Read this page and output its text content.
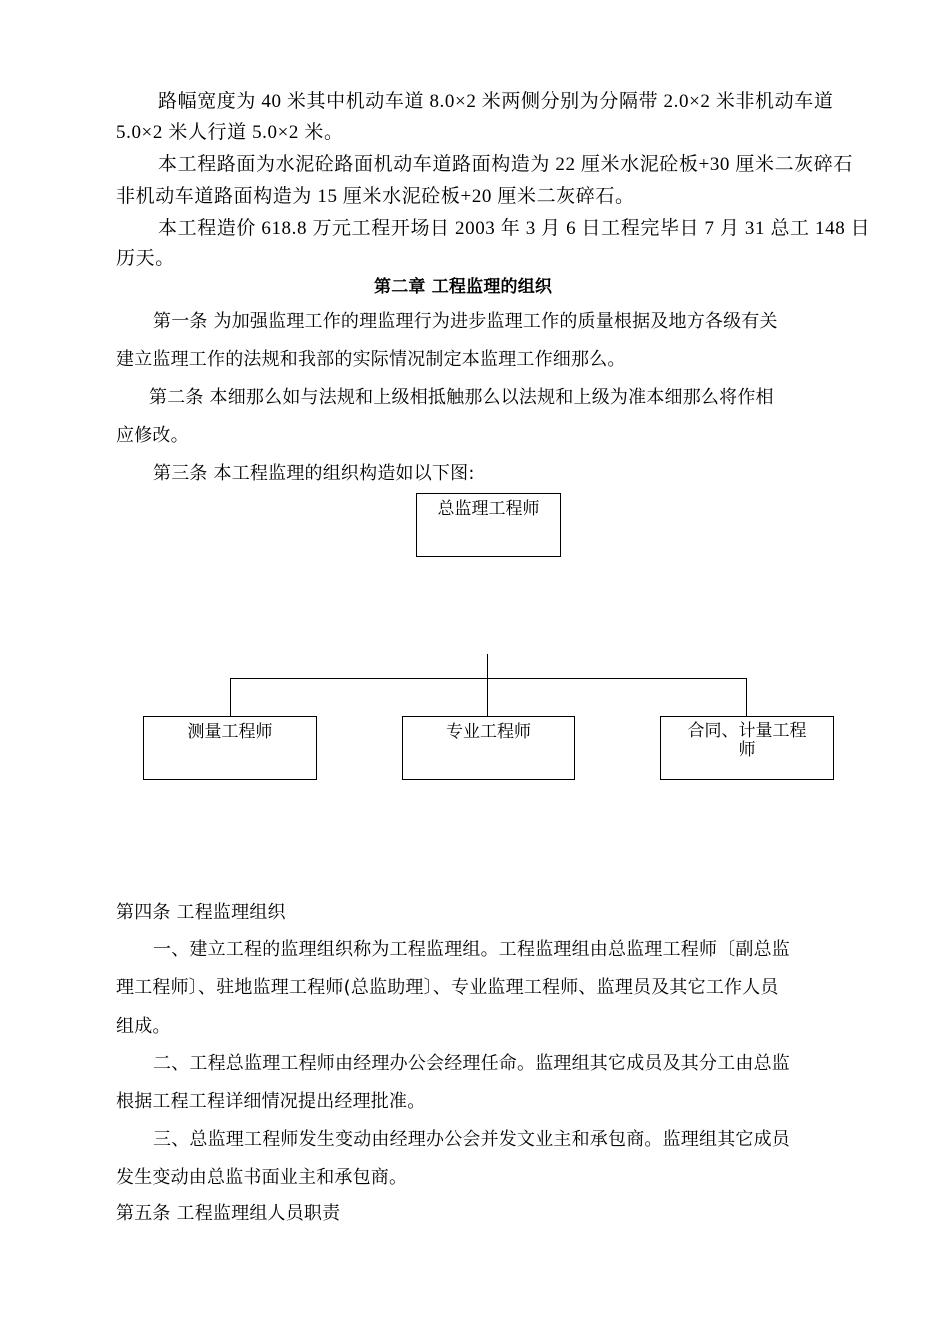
路幅宽度为 40 米其中机动车道 8.0×2 米两侧分别为分隔带 2.0×2 米非机动车道

5.0×2 米人行道 5.0×2 米。

本工程路面为水泥砼路面机动车道路面构造为 22 厘米水泥砼板+30 厘米二灰碎石

非机动车道路面构造为 15 厘米水泥砼板+20 厘米二灰碎石。

本工程造价 618.8 万元工程开场日 2003 年 3 月 6 日工程完毕日 7 月 31 总工 148 日

历天。

第二章 工程监理的组织

第一条 为加强监理工作的理监理行为进步监理工作的质量根据及地方各级有关

建立监理工作的法规和我部的实际情况制定本监理工作细那么。

第二条 本细那么如与法规和上级相抵触那么以法规和上级为准本细那么将作相

应修改。

第三条 本工程监理的组织构造如以下图:

总监理工程师
测量工程师	专业工程师	合同、计量工程
师

第四条 工程监理组织

一、建立工程的监理组织称为工程监理组。工程监理组由总监理工程师〔副总监

理工程师〕、驻地监理工程师(总监助理〕、专业监理工程师、监理员及其它工作人员

组成。

二、工程总监理工程师由经理办公会经理任命。监理组其它成员及其分工由总监

根据工程工程详细情况提出经理批准。

三、总监理工程师发生变动由经理办公会并发文业主和承包商。监理组其它成员

发生变动由总监书面业主和承包商。

第五条 工程监理组人员职责
